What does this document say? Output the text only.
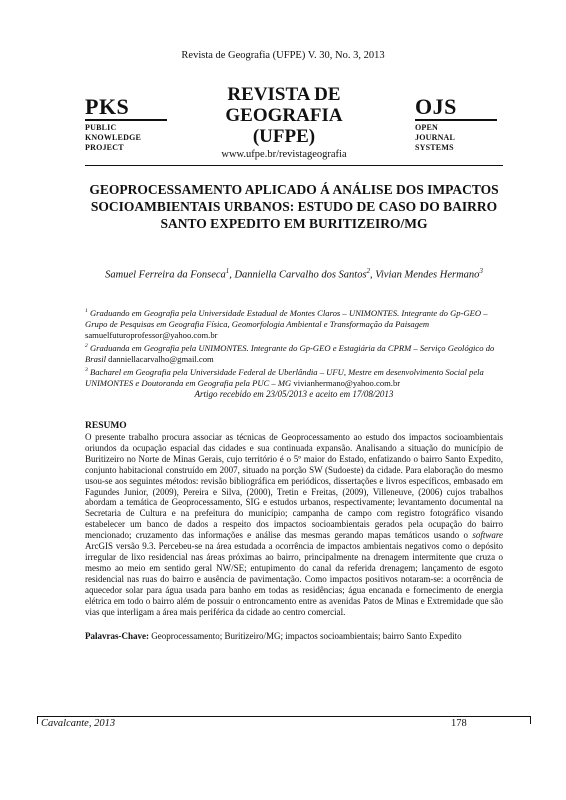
Revista de Geografia (UFPE) V. 30, No. 3, 2013
PKS
PUBLIC
KNOWLEDGE
PROJECT
REVISTA DE
GEOGRAFIA
(UFPE)
www.ufpe.br/revistageografia
OJS
OPEN
JOURNAL
SYSTEMS
GEOPROCESSAMENTO APLICADO Á ANÁLISE DOS IMPACTOS SOCIOAMBIENTAIS URBANOS: ESTUDO DE CASO DO BAIRRO SANTO EXPEDITO EM BURITIZEIRO/MG
Samuel Ferreira da Fonseca$^1$, Danniella Carvalho dos Santos$^2$, Vivian Mendes Hermano$^3$

$^1$ Graduando em Geografia pela Universidade Estadual de Montes Claros – UNIMONTES. Integrante do Gp-GEO – Grupo de Pesquisas em Geografia Física, Geomorfologia Ambiental e Transformação da Paisagem samuelfuturoprofessor@yahoo.com.br

$^2$ Graduanda em Geografia pela UNIMONTES. Integrante do Gp-GEO e Estagiária da CPRM – Serviço Geológico do Brasil danniellacarvalho@gmail.com

$^3$ Bacharel em Geografia pela Universidade Federal de Uberlândia – UFU, Mestre em desenvolvimento Social pela UNIMONTES e Doutoranda em Geografia pela PUC – MG vivianhermano@yahoo.com.br

Artigo recebido em 23/05/2013 e aceito em 17/08/2013
RESUMO
O presente trabalho procura associar as técnicas de Geoprocessamento ao estudo dos impactos socioambientais oriundos da ocupação espacial das cidades e sua continuada expansão. Analisando a situação do município de Buritizeiro no Norte de Minas Gerais, cujo território é o 5º maior do Estado, enfatizando o bairro Santo Expedito, conjunto habitacional construído em 2007, situado na porção SW (Sudoeste) da cidade. Para elaboração do mesmo usou-se aos seguintes métodos: revisão bibliográfica em periódicos, dissertações e livros específicos, embasado em Fagundes Junior, (2009), Pereira e Silva, (2000), Tretin e Freitas, (2009), Villeneuve, (2006) cujos trabalhos abordam a temática de Geoprocessamento, SIG e estudos urbanos, respectivamente; levantamento documental na Secretaria de Cultura e na prefeitura do município; campanha de campo com registro fotográfico visando estabelecer um banco de dados a respeito dos impactos socioambientais gerados pela ocupação do bairro mencionado; cruzamento das informações e análise das mesmas gerando mapas temáticos usando o software ArcGIS versão 9.3. Percebeu-se na área estudada a ocorrência de impactos ambientais negativos como o depósito irregular de lixo residencial nas áreas próximas ao bairro, principalmente na drenagem intermitente que cruza o mesmo ao meio em sentido geral NW/SE; entupimento do canal da referida drenagem; lançamento de esgoto residencial nas ruas do bairro e ausência de pavimentação. Como impactos positivos notaram-se: a ocorrência de aquecedor solar para água usada para banho em todas as residências; água encanada e fornecimento de energia elétrica em todo o bairro além de possuir o entroncamento entre as avenidas Patos de Minas e Extremidade que são vias que interligam a área mais periférica da cidade ao centro comercial.
Palavras-Chave: Geoprocessamento; Buritizeiro/MG; impactos socioambientais; bairro Santo Expedito
Cavalcante, 2013	178
